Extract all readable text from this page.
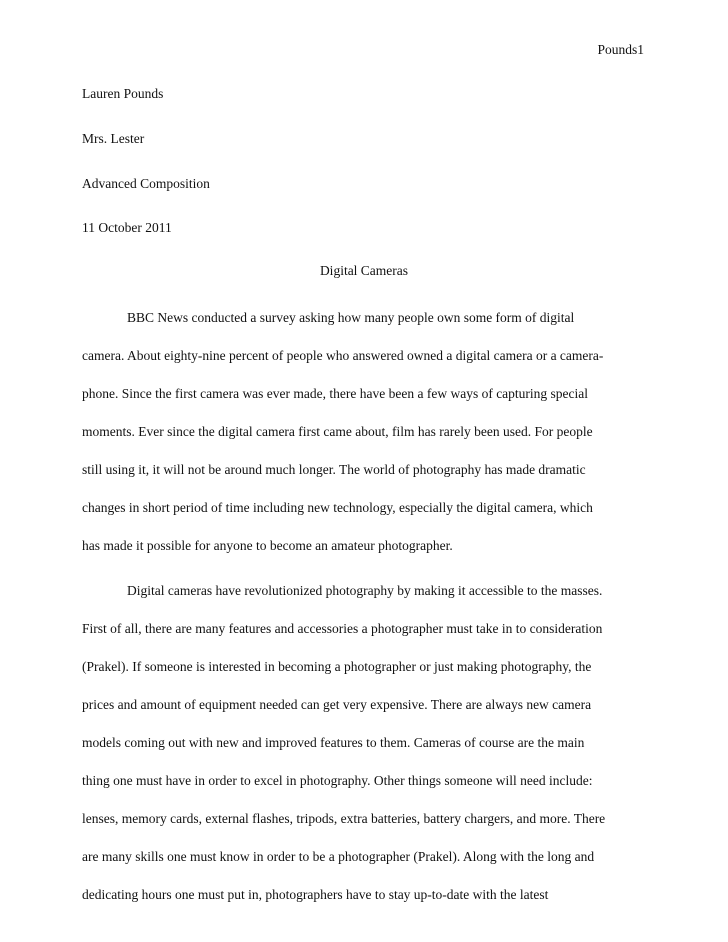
Pounds1
Lauren Pounds
Mrs. Lester
Advanced Composition
11 October 2011
Digital Cameras
BBC News conducted a survey asking how many people own some form of digital
camera. About eighty-nine percent of people who answered owned a digital camera or a camera-
phone. Since the first camera was ever made, there have been a few ways of capturing special
moments. Ever since the digital camera first came about, film has rarely been used. For people
still using it, it will not be around much longer. The world of photography has made dramatic
changes in short period of time including new technology, especially the digital camera, which
has made it possible for anyone to become an amateur photographer.
Digital cameras have revolutionized photography by making it accessible to the masses.
First of all, there are many features and accessories a photographer must take in to consideration
(Prakel). If someone is interested in becoming a photographer or just making photography, the
prices and amount of equipment needed can get very expensive. There are always new camera
models coming out with new and improved features to them. Cameras of course are the main
thing one must have in order to excel in photography. Other things someone will need include:
lenses, memory cards, external flashes, tripods, extra batteries, battery chargers, and more. There
are many skills one must know in order to be a photographer (Prakel). Along with the long and
dedicating hours one must put in, photographers have to stay up-to-date with the latest
